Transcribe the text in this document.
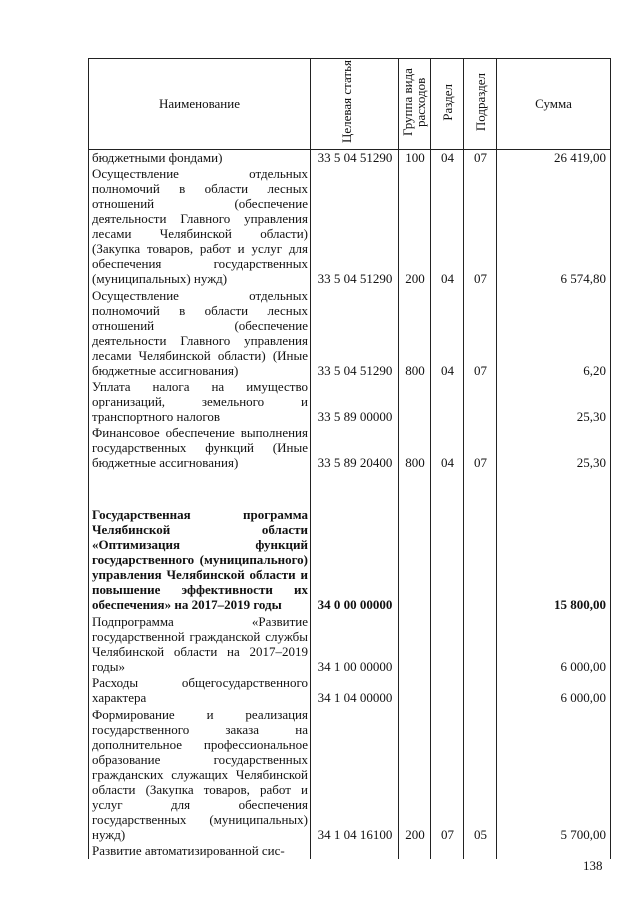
Наименование	Целевая статья	Группа вида расходов	Раздел	Подраздел	Сумма
бюджетными фондами)	33 5 04 51290	100	04	07	26 419,00
Осуществление отдельных полномочий в области лесных отношений (обеспечение деятельности Главного управления лесами Челябинской области) (Закупка товаров, работ и услуг для обеспечения государственных (муниципальных) нужд)	33 5 04 51290	200	04	07	6 574,80
Осуществление отдельных полномочий в области лесных отношений (обеспечение деятельности Главного управления лесами Челябинской области) (Иные бюджетные ассигнования)	33 5 04 51290	800	04	07	6,20
Уплата налога на имущество организаций, земельного и транспортного налогов	33 5 89 00000				25,30
Финансовое обеспечение выполнения государственных функций (Иные бюджетные ассигнования)	33 5 89 20400	800	04	07	25,30
Государственная программа Челябинской области «Оптимизация функций государственного (муниципального) управления Челябинской области и повышение эффективности их обеспечения» на 2017–2019 годы	34 0 00 00000				15 800,00
Подпрограмма «Развитие государственной гражданской службы Челябинской области на 2017–2019 годы»	34 1 00 00000				6 000,00
Расходы общегосударственного характера	34 1 04 00000				6 000,00
Формирование и реализация государственного заказа на дополнительное профессиональное образование государственных гражданских служащих Челябинской области (Закупка товаров, работ и услуг для обеспечения государственных (муниципальных) нужд)	34 1 04 16100	200	07	05	5 700,00
Развитие автоматизированной сис-					
138
